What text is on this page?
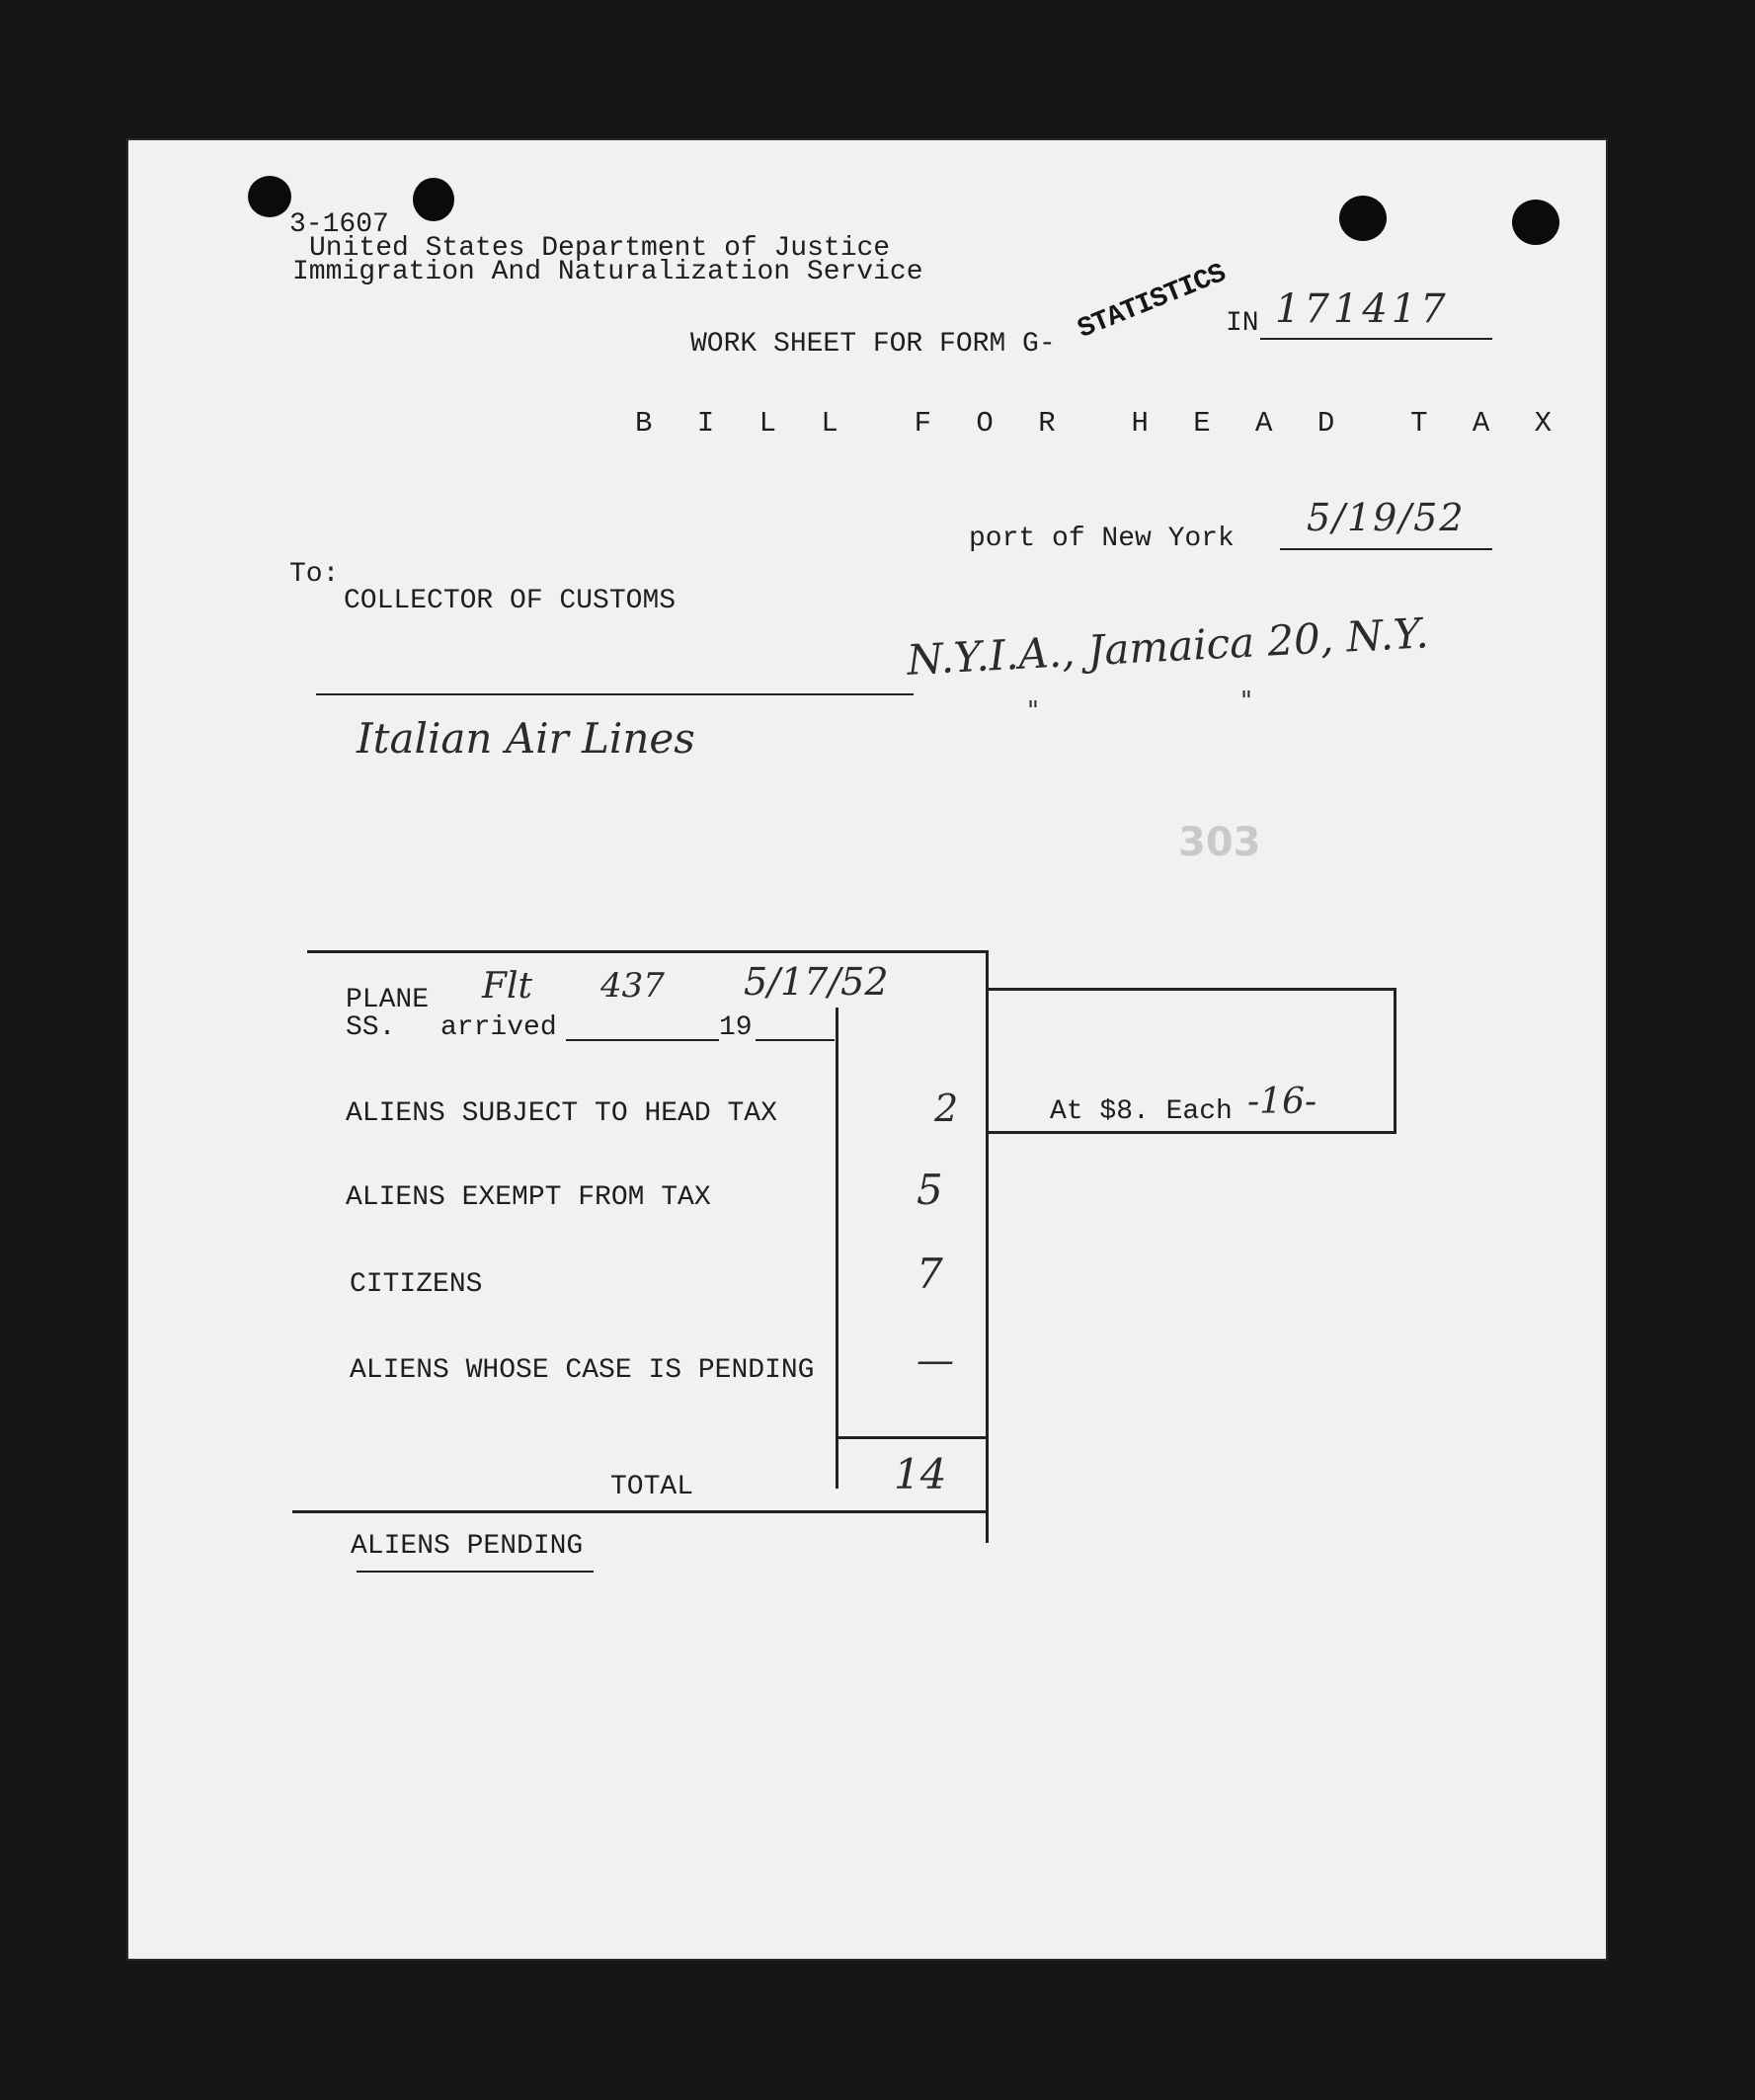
3-1607
United States Department of Justice
Immigration And Naturalization Service
WORK SHEET FOR FORM G- STATISTICS
IN 171417
B I L L  F O R  H E A D  T A X
port of New York 5/19/52
To:
COLLECTOR OF CUSTOMS
N.Y.I.A., Jamaica 20, N.Y.
"	"
Italian Air Lines
303
PLANE Flt 437 5/17/52
SS. arrived	19
ALIENS SUBJECT TO HEAD TAX	2
ALIENS EXEMPT FROM TAX	5
CITIZENS	7
ALIENS WHOSE CASE IS PENDING	—
TOTAL	14
At $8. Each -16-
ALIENS PENDING
